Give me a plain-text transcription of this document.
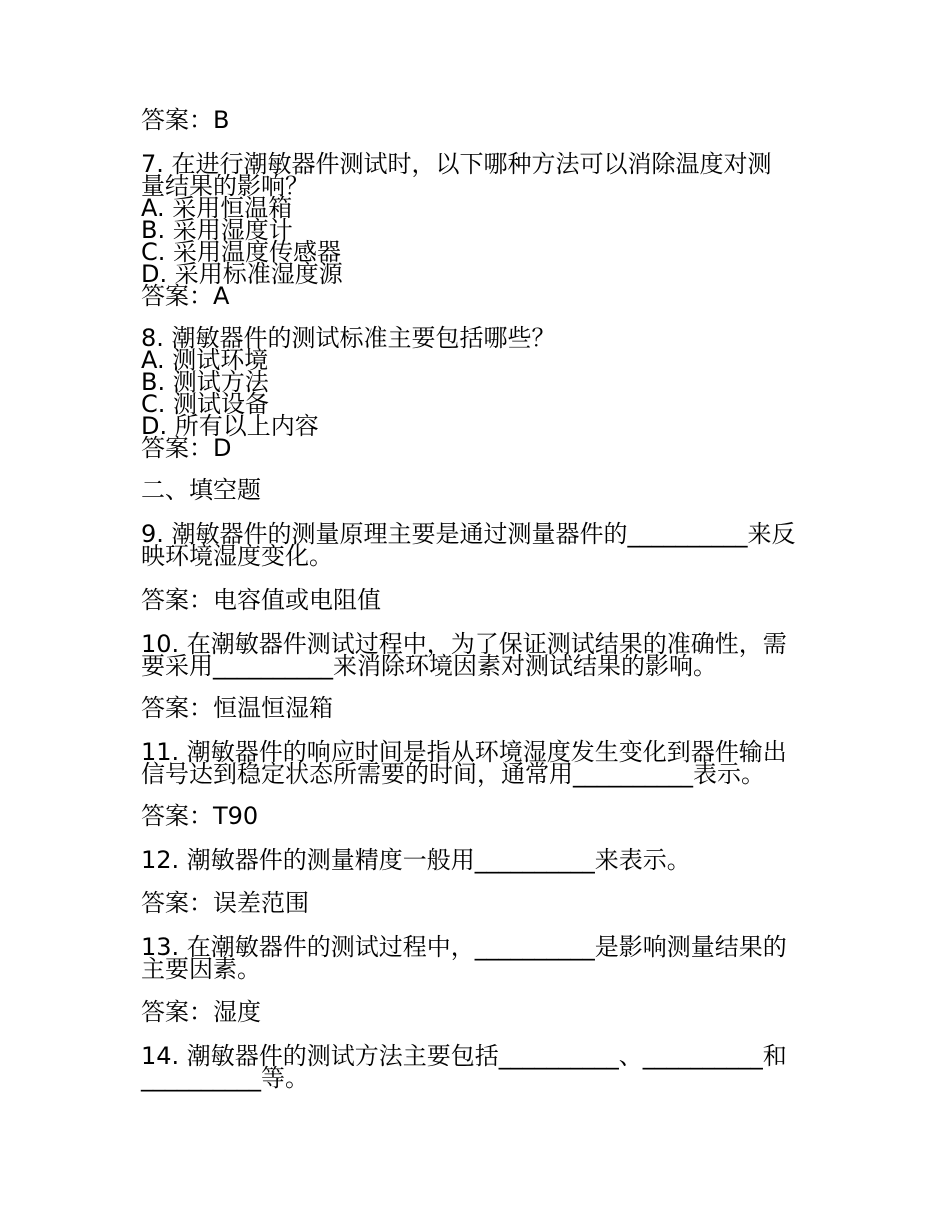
答案：B
7. 在进行潮敏器件测试时，以下哪种方法可以消除温度对测
量结果的影响？
A. 采用恒温箱
B. 采用湿度计
C. 采用温度传感器
D. 采用标准湿度源
答案：A
8. 潮敏器件的测试标准主要包括哪些？
A. 测试环境
B. 测试方法
C. 测试设备
D. 所有以上内容
答案：D
二、填空题
9. 潮敏器件的测量原理主要是通过测量器件的__________来反
映环境湿度变化。
答案：电容值或电阻值
10. 在潮敏器件测试过程中，为了保证测试结果的准确性，需
要采用__________来消除环境因素对测试结果的影响。
答案：恒温恒湿箱
11. 潮敏器件的响应时间是指从环境湿度发生变化到器件输出
信号达到稳定状态所需要的时间，通常用__________表示。
答案：T90
12. 潮敏器件的测量精度一般用__________来表示。
答案：误差范围
13. 在潮敏器件的测试过程中，__________是影响测量结果的
主要因素。
答案：湿度
14. 潮敏器件的测试方法主要包括__________、__________和
__________等。
